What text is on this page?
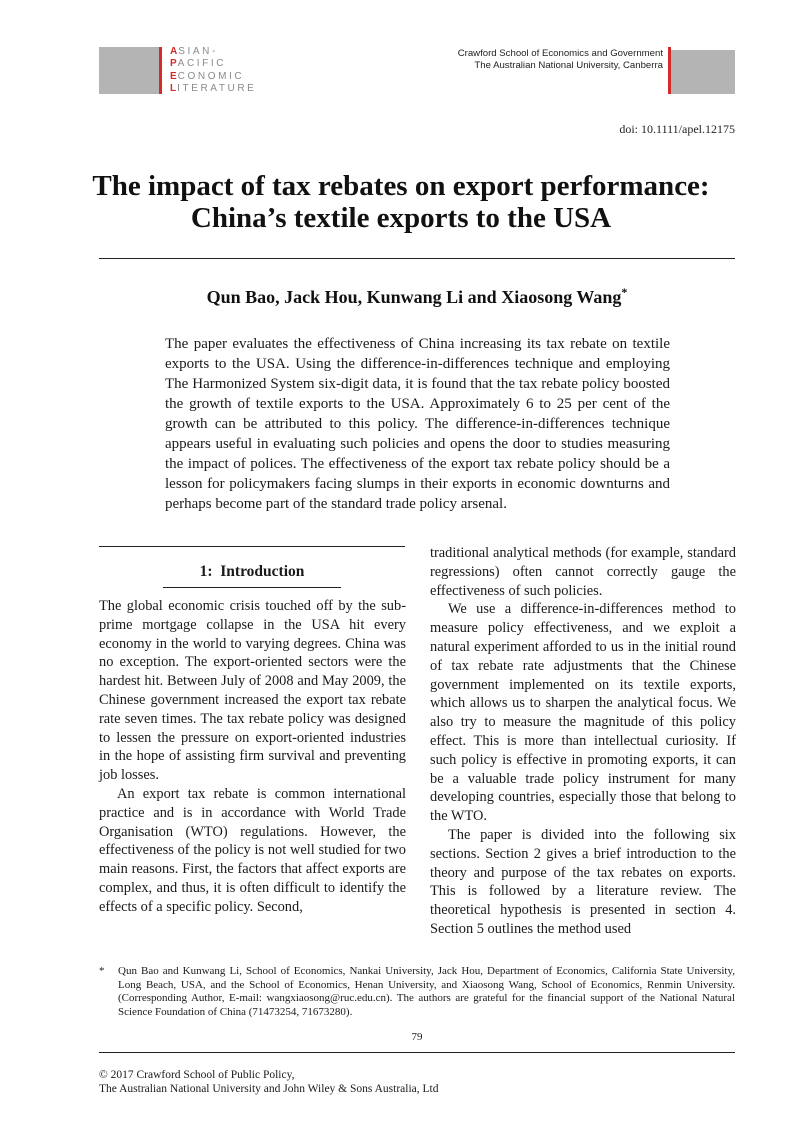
ASIAN-
PACIFIC
ECONOMIC
LITERATURE
Crawford School of Economics and Government
The Australian National University, Canberra
doi: 10.1111/apel.12175
The impact of tax rebates on export performance:
China’s textile exports to the USA
Qun Bao, Jack Hou, Kunwang Li and Xiaosong Wang*

The paper evaluates the effectiveness of China increasing its tax rebate on textile exports to the USA. Using the difference-in-differences technique and employing The Harmonized System six-digit data, it is found that the tax rebate policy boosted the growth of textile exports to the USA. Approximately 6 to 25 per cent of the growth can be attributed to this policy. The difference-in-differences technique appears useful in evaluating such policies and opens the door to studies measuring the impact of polices. The effectiveness of the export tax rebate policy should be a lesson for policymakers facing slumps in their exports in economic downturns and perhaps become part of the standard trade policy arsenal.

1: Introduction

The global economic crisis touched off by the sub-prime mortgage collapse in the USA hit every economy in the world to varying degrees. China was no exception. The export-oriented sectors were the hardest hit. Between July of 2008 and May 2009, the Chinese government increased the export tax rebate rate seven times. The tax rebate policy was designed to lessen the pressure on export-oriented industries in the hope of assisting firm survival and preventing job losses.

An export tax rebate is common international practice and is in accordance with World Trade Organisation (WTO) regulations. However, the effectiveness of the policy is not well studied for two main reasons. First, the factors that affect exports are complex, and thus, it is often difficult to identify the effects of a specific policy. Second,

traditional analytical methods (for example, standard regressions) often cannot correctly gauge the effectiveness of such policies.

We use a difference-in-differences method to measure policy effectiveness, and we exploit a natural experiment afforded to us in the initial round of tax rebate rate adjustments that the Chinese government implemented on its textile exports, which allows us to sharpen the analytical focus. We also try to measure the magnitude of this policy effect. This is more than intellectual curiosity. If such policy is effective in promoting exports, it can be a valuable trade policy instrument for many developing countries, especially those that belong to the WTO.

The paper is divided into the following six sections. Section 2 gives a brief introduction to the theory and purpose of the tax rebates on exports. This is followed by a literature review. The theoretical hypothesis is presented in section 4. Section 5 outlines the method used

* Qun Bao and Kunwang Li, School of Economics, Nankai University, Jack Hou, Department of Economics, California State University, Long Beach, USA, and the School of Economics, Henan University, and Xiaosong Wang, School of Economics, Renmin University. (Corresponding Author, E-mail: wangxiaosong@ruc.edu.cn). The authors are grateful for the financial support of the National Natural Science Foundation of China (71473254, 71673280).
79
© 2017 Crawford School of Public Policy,
The Australian National University and John Wiley & Sons Australia, Ltd
